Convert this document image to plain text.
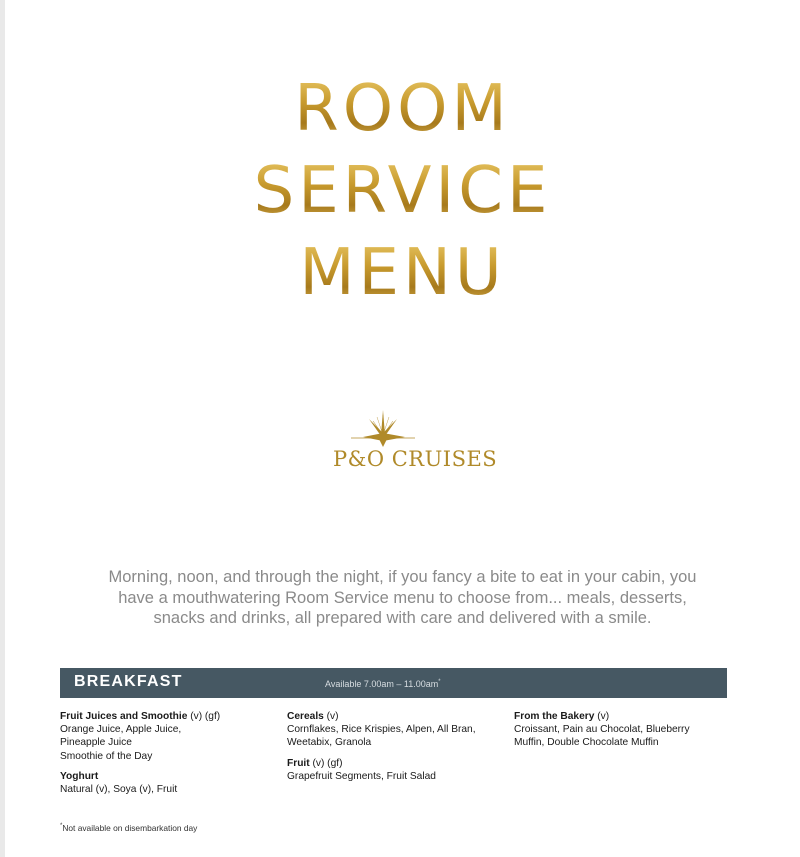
ROOM
SERVICE
MENU
P&O CRUISES
Morning, noon, and through the night, if you fancy a bite to eat in your cabin, you have a mouthwatering Room Service menu to choose from... meals, desserts, snacks and drinks, all prepared with care and delivered with a smile.
BREAKFAST	Available 7.00am – 11.00am*
Fruit Juices and Smoothie (v) (gf)
Orange Juice, Apple Juice,
Pineapple Juice
Smoothie of the Day
Yoghurt
Natural (v), Soya (v), Fruit
Cereals (v)
Cornflakes, Rice Krispies, Alpen, All Bran,
Weetabix, Granola
Fruit (v) (gf)
Grapefruit Segments, Fruit Salad
From the Bakery (v)
Croissant, Pain au Chocolat, Blueberry
Muffin, Double Chocolate Muffin
*Not available on disembarkation day
